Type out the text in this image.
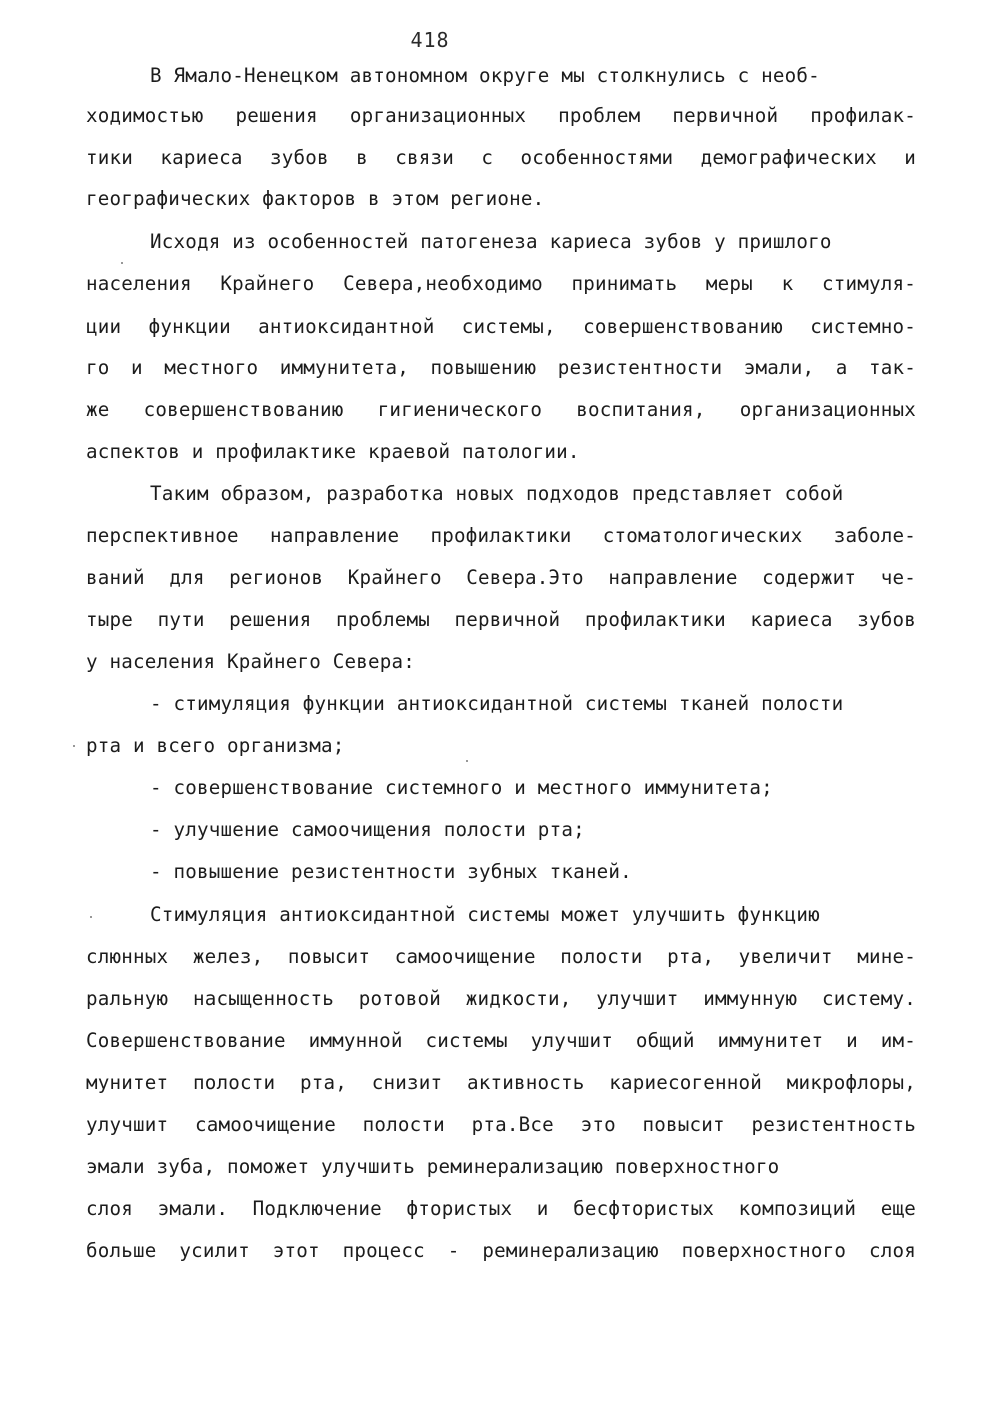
418
В Ямало-Ненецком автономном округе мы столкнулись с необ-
ходимостью решения организационных проблем первичной профилак-
тики кариеса зубов в связи с особенностями демографических и
географических факторов в этом регионе.
Исходя из особенностей патогенеза кариеса зубов у пришлого
населения Крайнего Севера,необходимо принимать меры к стимуля-
ции функции антиоксидантной системы, совершенствованию системно-
го и местного иммунитета, повышению резистентности эмали, а так-
же совершенствованию гигиенического воспитания, организационных
аспектов и профилактике краевой патологии.
Таким образом, разработка новых подходов представляет собой
перспективное направление профилактики стоматологических заболе-
ваний для регионов Крайнего Севера.Это направление содержит че-
тыре пути решения проблемы первичной профилактики кариеса зубов
у населения Крайнего Севера:
- стимуляция функции антиоксидантной системы тканей полости
рта и всего организма;
- совершенствование системного и местного иммунитета;
- улучшение самоочищения полости рта;
- повышение резистентности зубных тканей.
Стимуляция антиоксидантной системы может улучшить функцию
слюнных желез, повысит самоочищение полости рта, увеличит мине-
ральную насыщенность ротовой жидкости, улучшит иммунную систему.
Совершенствование иммунной системы улучшит общий иммунитет и им-
мунитет полости рта, снизит активность кариесогенной микрофлоры,
улучшит самоочищение полости рта.Все это повысит резистентность
эмали зуба, поможет улучшить реминерализацию поверхностного
слоя эмали. Подключение фтористых и бесфтористых композиций еще
больше усилит этот процесс - реминерализацию поверхностного слоя
